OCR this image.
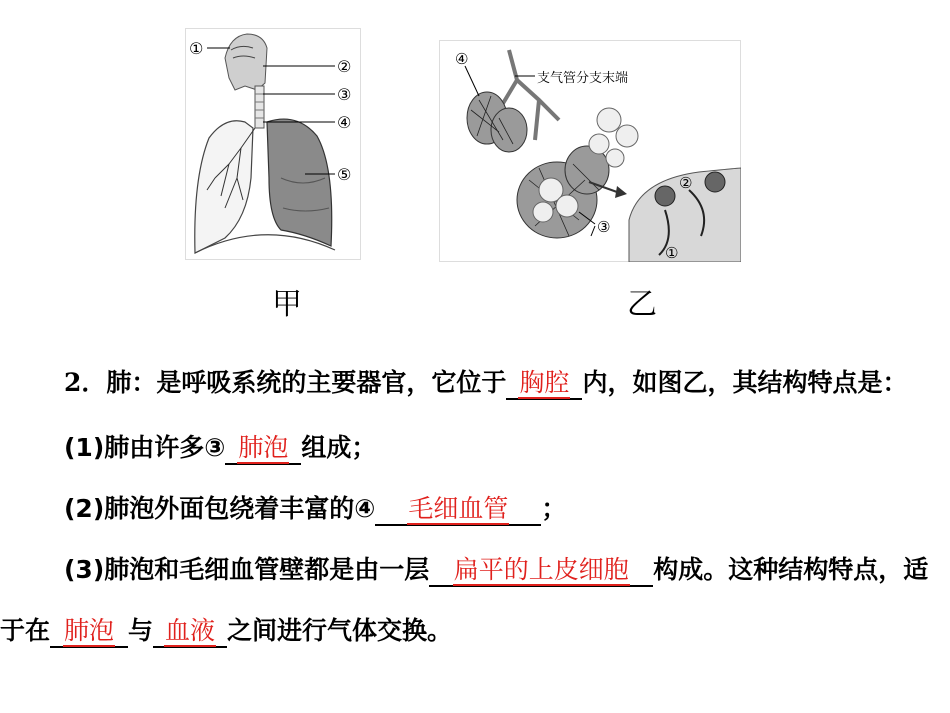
①
②
③
④
⑤
④
支气管分支末端
③
②
①
甲	乙
2．肺：是呼吸系统的主要器官，它位于 胸腔 内，如图乙，其结构特点是：
(1)肺由许多③ 肺泡 组成；
(2)肺泡外面包绕着丰富的④ 毛细血管 ；
(3)肺泡和毛细血管壁都是由一层 扁平的上皮细胞 构成。这种结构特点，适
于在 肺泡 与 血液 之间进行气体交换。
